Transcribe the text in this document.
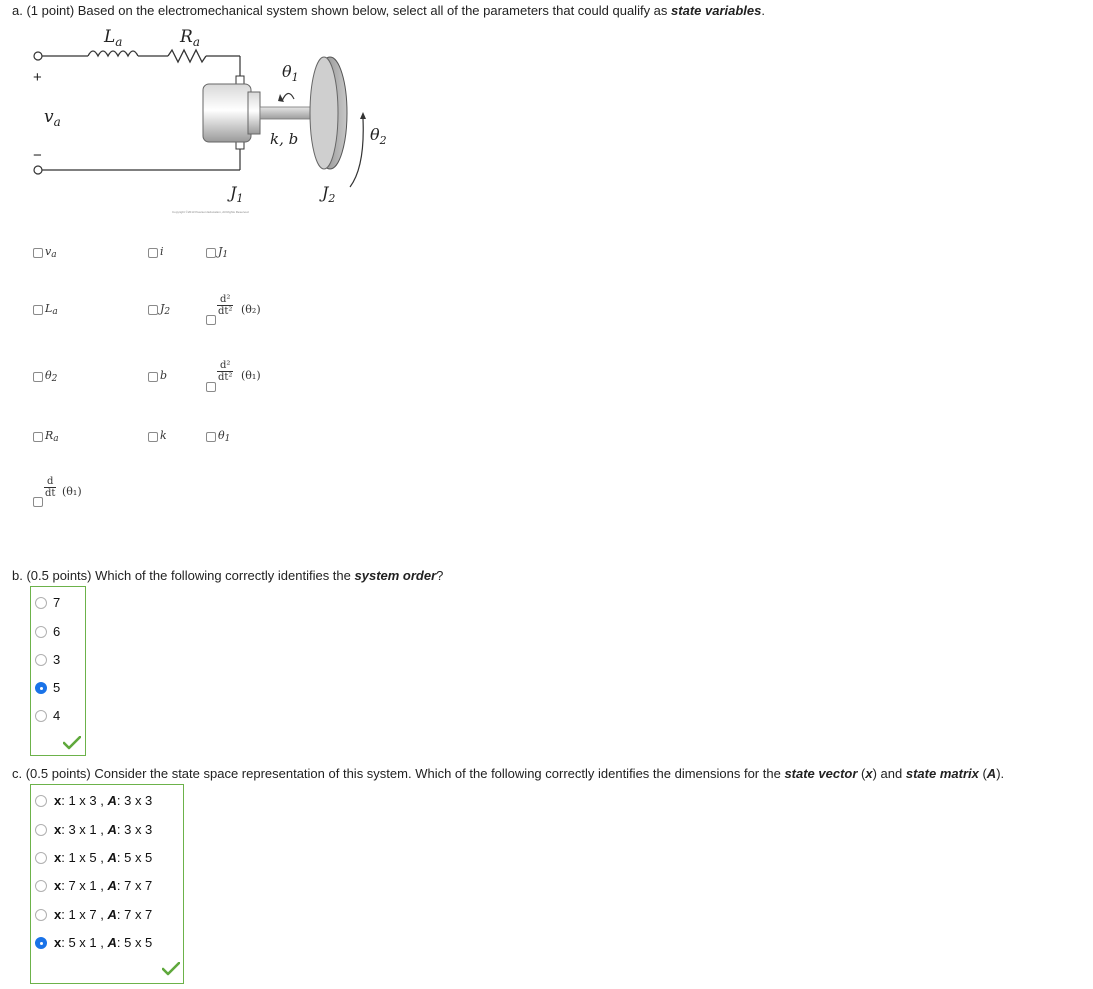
a. (1 point) Based on the electromechanical system shown below, select all of the parameters that could qualify as state variables.
$L_a$	$R_a$
+
−
$v_a$
$\theta_1$
$\theta_2$
k, b
$J_1$	$J_2$
Copyright ©2013 Pearson Education, All Rights Reserved
$v_a$	i	$J_1$
$L_a$	$J_2$	$\frac{\text{d²}}{\text{dt²}} (\theta_2)$
$\theta_2$	b	$\frac{\text{d²}}{\text{dt²}} (\theta_1)$
$R_a$	k	$\theta_1$
$\frac{d}{dt} (\theta_1)$
b. (0.5 points) Which of the following correctly identifies the system order?
7
6
3
5
4
c. (0.5 points) Consider the state space representation of this system. Which of the following correctly identifies the dimensions for the state vector (x) and state matrix (A).
x: 1 x 3 , A: 3 x 3
x: 3 x 1 , A: 3 x 3
x: 1 x 5 , A: 5 x 5
x: 7 x 1 , A: 7 x 7
x: 1 x 7 , A: 7 x 7
x: 5 x 1 , A: 5 x 5
